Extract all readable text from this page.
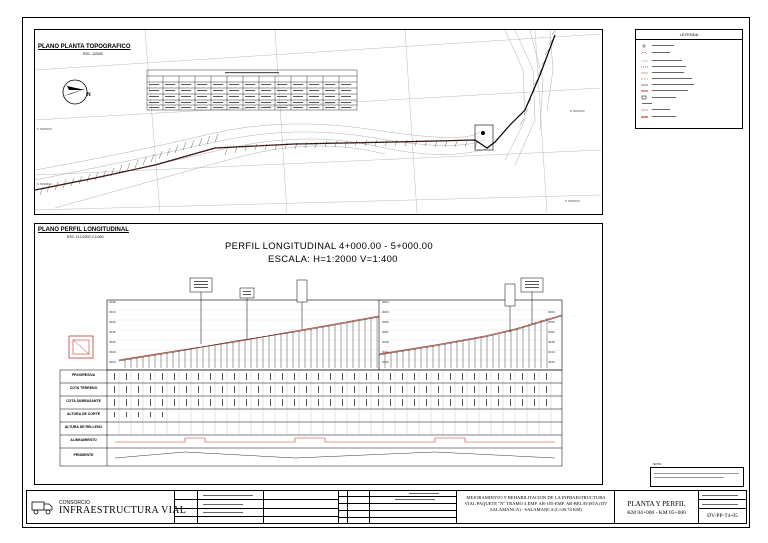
PLANO PLANTA TOPOGRAFICO
ESC. 1/2000
N 8285000
N 8284800
N 8285400
N 8285200
N
PLANO PERFIL LONGITUDINAL
ESC. H-1/2000 V-1/400
PERFIL LONGITUDINAL 4+000.00 - 5+000.00
ESCALA: H=1:2000 V=1:400
3048
3044
3040
3036
3032
3028
3024
3064
3060
3056
3052
3048
3044
3040
3060
3056
3052
3048
3044
3040
PROGRESIVA
COTA TERRENO
COTA SUBRASANTE
ALTURA DE CORTE
ALTURA DE RELLENO
ALINEAMIENTO
PENDIENTE
LEYENDA
NOTA:
CONSORCIO
INFRAESTRUCTURA VIAL
MEJORAMIENTO Y REHABILITACION DE LA INFRAESTRUCTURA VIAL PAQUETE "N" TRAMO 4 EMP. AR-105-EMP. AR-BELAVISTA (DV SALAMANCA) - SALAMANCA (L=49.74 KM)
PLANTA Y PERFIL
KM 04+000 - KM 05+000	DV-PP-T4-05
